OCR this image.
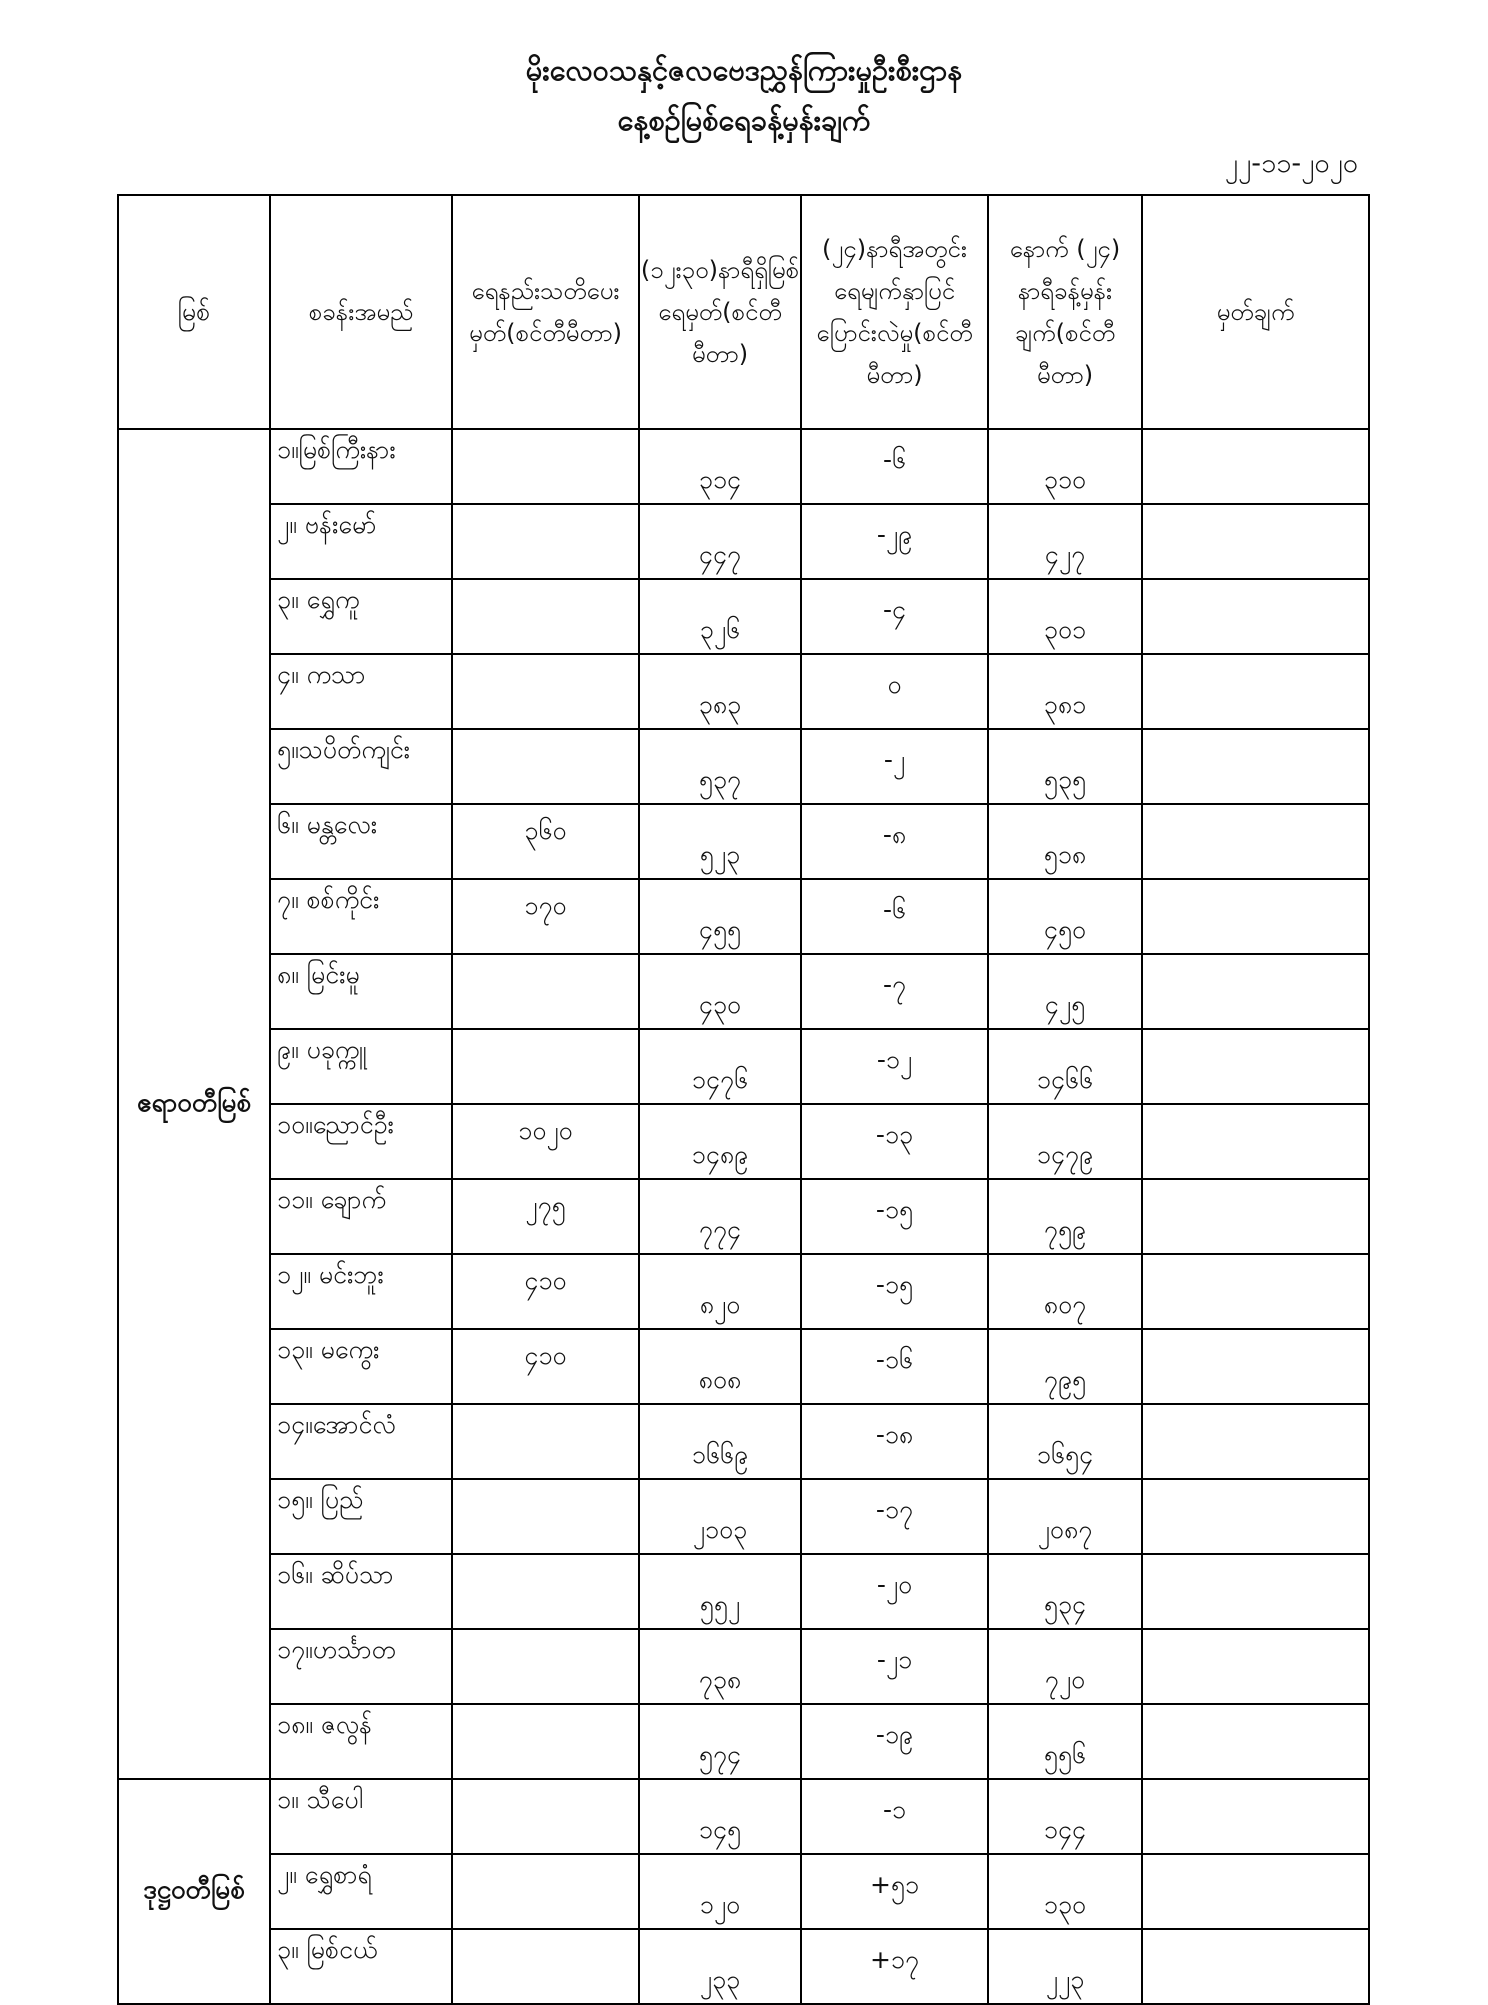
မိုးလေဝသနှင့်ဇလဗေဒညွှန်ကြားမှုဦးစီးဌာန
နေ့စဉ်မြစ်ရေခန့်မှန်းချက်
၂၂-၁၁-၂၀၂၀
မြစ်	စခန်းအမည်	ရေနည်းသတိပေးမှတ်(စင်တီမီတာ)	(၁၂း၃၀)နာရီရှိမြစ်ရေမှတ်(စင်တီမီတာ)	(၂၄)နာရီအတွင်းရေမျက်နှာပြင်ပြောင်းလဲမှု(စင်တီမီတာ)	နောက် (၂၄) နာရီခန့်မှန်းချက်(စင်တီမီတာ)	မှတ်ချက်
ဧရာဝတီမြစ်	၁။မြစ်ကြီးနား		၃၁၄	-၆	၃၁၀	
	၂။ ဗန်းမော်		၄၄၇	-၂၉	၄၂၇	
	၃။ ရွှေကူ		၃၂၆	-၄	၃၀၁	
	၄။ ကသာ		၃၈၃	၀	၃၈၁	
	၅။သပိတ်ကျင်း		၅၃၇	-၂	၅၃၅	
	၆။ မန္တလေး	၃၆၀	၅၂၃	-၈	၅၁၈	
	၇။ စစ်ကိုင်း	၁၇၀	၄၅၅	-၆	၄၅၀	
	၈။ မြင်းမူ		၄၃၀	-၇	၄၂၅	
	၉။ ပခုက္ကူ		၁၄၇၆	-၁၂	၁၄၆၆	
	၁၀။ညောင်ဦး	၁၀၂၀	၁၄၈၉	-၁၃	၁၄၇၉	
	၁၁။ ချောက်	၂၇၅	၇၇၄	-၁၅	၇၅၉	
	၁၂။ မင်းဘူး	၄၁၀	၈၂၀	-၁၅	၈၀၇	
	၁၃။ မကွေး	၄၁၀	၈၀၈	-၁၆	၇၉၅	
	၁၄။အောင်လံ		၁၆၆၉	-၁၈	၁၆၅၄	
	၁၅။ ပြည်		၂၁၀၃	-၁၇	၂၀၈၇	
	၁၆။ ဆိပ်သာ		၅၅၂	-၂၀	၅၃၄	
	၁၇။ဟင်္သာတ		၇၃၈	-၂၁	၇၂၀	
	၁၈။ ဇလွန်		၅၇၄	-၁၉	၅၅၆	
ဒုဋ္ဌဝတီမြစ်	၁။ သီပေါ		၁၄၅	-၁	၁၄၄	
	၂။ ရွှေစာရံ		၁၂၀	+၅၁	၁၃၀	
	၃။ မြစ်ငယ်		၂၃၃	+၁၇	၂၂၃	
